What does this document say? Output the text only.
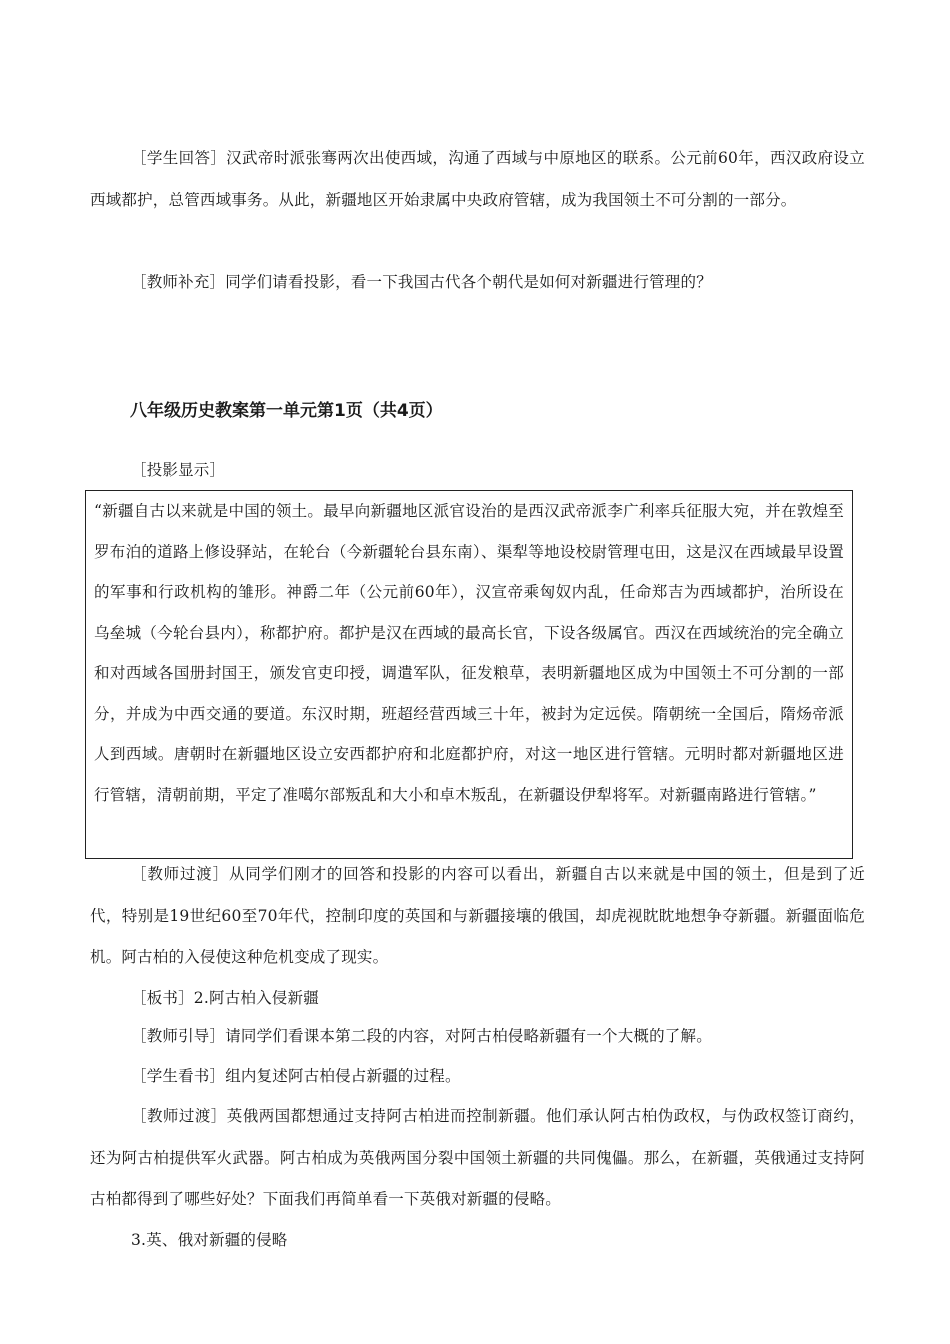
［学生回答］汉武帝时派张骞两次出使西域，沟通了西域与中原地区的联系。公元前60年，西汉政府设立西域都护，总管西域事务。从此，新疆地区开始隶属中央政府管辖，成为我国领土不可分割的一部分。

［教师补充］同学们请看投影，看一下我国古代各个朝代是如何对新疆进行管理的？

八年级历史教案第一单元第1页（共4页）

［投影显示］

“新疆自古以来就是中国的领土。最早向新疆地区派官设治的是西汉武帝派李广利率兵征服大宛，并在敦煌至罗布泊的道路上修设驿站，在轮台（今新疆轮台县东南）、渠犁等地设校尉管理屯田，这是汉在西域最早设置的军事和行政机构的雏形。神爵二年（公元前60年），汉宣帝乘匈奴内乱，任命郑吉为西域都护，治所设在乌垒城（今轮台县内），称都护府。都护是汉在西域的最高长官，下设各级属官。西汉在西域统治的完全确立和对西域各国册封国王，颁发官吏印授，调遣军队，征发粮草，表明新疆地区成为中国领土不可分割的一部分，并成为中西交通的要道。东汉时期，班超经营西域三十年，被封为定远侯。隋朝统一全国后，隋炀帝派人到西域。唐朝时在新疆地区设立安西都护府和北庭都护府，对这一地区进行管辖。元明时都对新疆地区进行管辖，清朝前期，平定了准噶尔部叛乱和大小和卓木叛乱，在新疆设伊犁将军。对新疆南路进行管辖。”

［教师过渡］从同学们刚才的回答和投影的内容可以看出，新疆自古以来就是中国的领土，但是到了近代，特别是19世纪60至70年代，控制印度的英国和与新疆接壤的俄国，却虎视眈眈地想争夺新疆。新疆面临危机。阿古柏的入侵使这种危机变成了现实。

［板书］2.阿古柏入侵新疆

［教师引导］请同学们看课本第二段的内容，对阿古柏侵略新疆有一个大概的了解。

［学生看书］组内复述阿古柏侵占新疆的过程。

［教师过渡］英俄两国都想通过支持阿古柏进而控制新疆。他们承认阿古柏伪政权，与伪政权签订商约，还为阿古柏提供军火武器。阿古柏成为英俄两国分裂中国领土新疆的共同傀儡。那么，在新疆，英俄通过支持阿古柏都得到了哪些好处？下面我们再简单看一下英俄对新疆的侵略。

3.英、俄对新疆的侵略
